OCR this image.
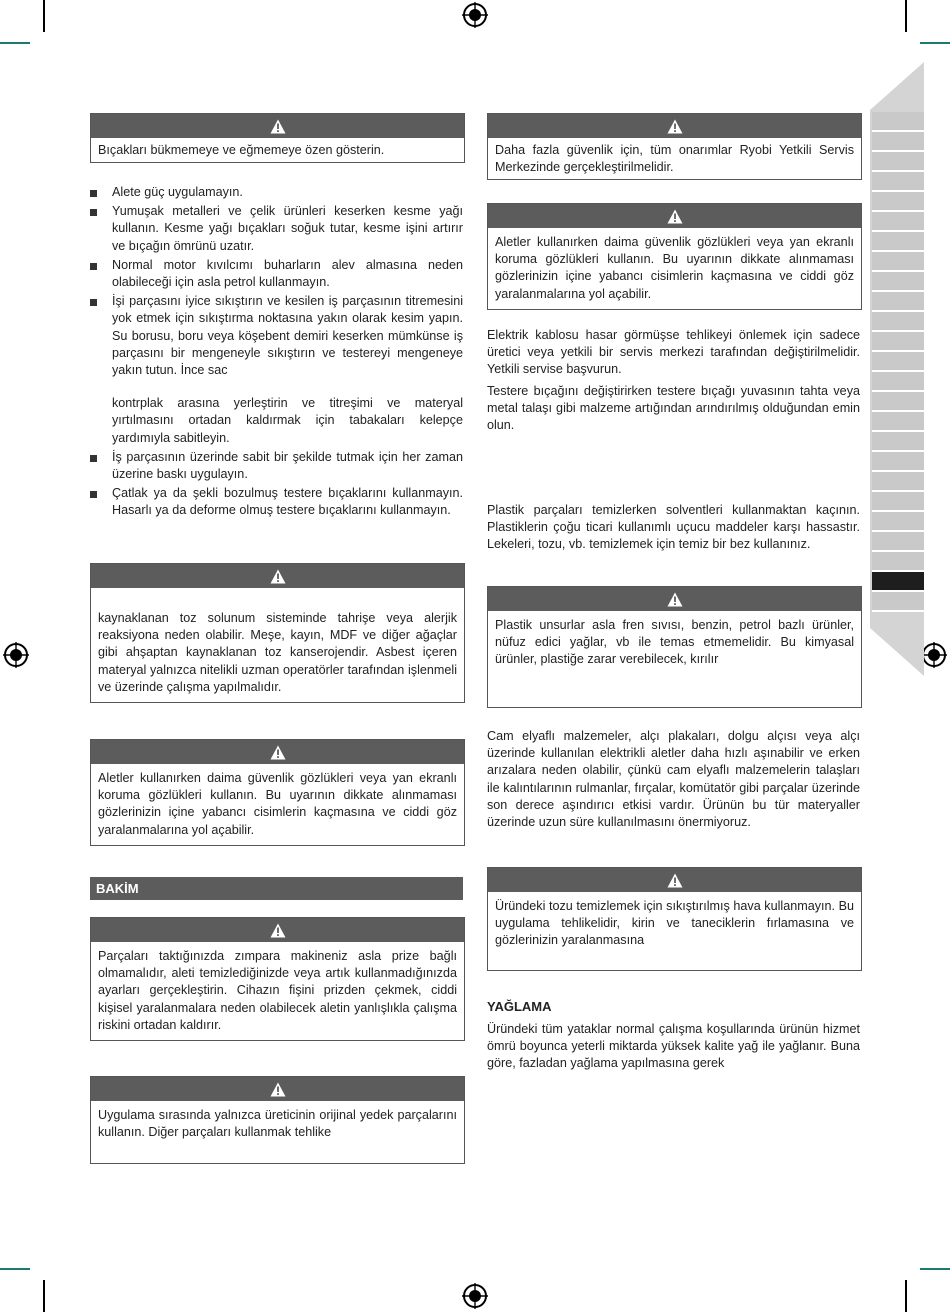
Bıçakları bükmemeye ve eğmemeye özen gösterin.
Alete güç uygulamayın.
Yumuşak metalleri ve çelik ürünleri keserken kesme yağı kullanın. Kesme yağı bıçakları soğuk tutar, kesme işini artırır ve bıçağın ömrünü uzatır.
Normal motor kıvılcımı buharların alev almasına neden olabileceği için asla petrol kullanmayın.
İşi parçasını iyice sıkıştırın ve kesilen iş parçasının titremesini yok etmek için sıkıştırma noktasına yakın olarak kesim yapın. Su borusu, boru veya köşebent demiri keserken mümkünse iş parçasını bir mengeneyle sıkıştırın ve testereyi mengeneye yakın tutun. İnce sac
kontrplak arasına yerleştirin ve titreşimi ve materyal yırtılmasını ortadan kaldırmak için tabakaları kelepçe yardımıyla sabitleyin.
İş parçasının üzerinde sabit bir şekilde tutmak için her zaman üzerine baskı uygulayın.
Çatlak ya da şekli bozulmuş testere bıçaklarını kullanmayın. Hasarlı ya da deforme olmuş testere bıçaklarını kullanmayın.
kaynaklanan toz solunum sisteminde tahrişe veya alerjik reaksiyona neden olabilir. Meşe, kayın, MDF ve diğer ağaçlar gibi ahşaptan kaynaklanan toz kanserojendir. Asbest içeren materyal yalnızca nitelikli uzman operatörler tarafından işlenmeli ve üzerinde çalışma yapılmalıdır.
Aletler kullanırken daima güvenlik gözlükleri veya yan ekranlı koruma gözlükleri kullanın. Bu uyarının dikkate alınmaması gözlerinizin içine yabancı cisimlerin kaçmasına ve ciddi göz yaralanmalarına yol açabilir.
BAKİM
Parçaları taktığınızda zımpara makineniz asla prize bağlı olmamalıdır, aleti temizlediğinizde veya artık kullanmadığınızda ayarları gerçekleştirin. Cihazın fişini prizden çekmek, ciddi kişisel yaralanmalara neden olabilecek aletin yanlışlıkla çalışma riskini ortadan kaldırır.
Uygulama sırasında yalnızca üreticinin orijinal yedek parçalarını kullanın. Diğer parçaları kullanmak tehlike
Daha fazla güvenlik için, tüm onarımlar Ryobi Yetkili Servis Merkezinde gerçekleştirilmelidir.
Aletler kullanırken daima güvenlik gözlükleri veya yan ekranlı koruma gözlükleri kullanın. Bu uyarının dikkate alınmaması gözlerinizin içine yabancı cisimlerin kaçmasına ve ciddi göz yaralanmalarına yol açabilir.

Elektrik kablosu hasar görmüşse tehlikeyi önlemek için sadece üretici veya yetkili bir servis merkezi tarafından değiştirilmelidir. Yetkili servise başvurun.

Testere bıçağını değiştirirken testere bıçağı yuvasının tahta veya metal talaşı gibi malzeme artığından arındırılmış olduğundan emin olun.

Plastik parçaları temizlerken solventleri kullanmaktan kaçının. Plastiklerin çoğu ticari kullanımlı uçucu maddeler karşı hassastır. Lekeleri, tozu, vb. temizlemek için temiz bir bez kullanınız.

Plastik unsurlar asla fren sıvısı, benzin, petrol bazlı ürünler, nüfuz edici yağlar, vb ile temas etmemelidir. Bu kimyasal ürünler, plastiğe zarar verebilecek, kırılır

Cam elyaflı malzemeler, alçı plakaları, dolgu alçısı veya alçı üzerinde kullanılan elektrikli aletler daha hızlı aşınabilir ve erken arızalara neden olabilir, çünkü cam elyaflı malzemelerin talaşları ile kalıntılarının rulmanlar, fırçalar, komütatör gibi parçalar üzerinde son derece aşındırıcı etkisi vardır. Ürünün bu tür materyaller üzerinde uzun süre kullanılmasını önermiyoruz.

Üründeki tozu temizlemek için sıkıştırılmış hava kullanmayın. Bu uygulama tehlikelidir, kirin ve taneciklerin fırlamasına ve gözlerinizin yaralanmasına
YAĞLAMA

Üründeki tüm yataklar normal çalışma koşullarında ürünün hizmet ömrü boyunca yeterli miktarda yüksek kalite yağ ile yağlanır. Buna göre, fazladan yağlama yapılmasına gerek
